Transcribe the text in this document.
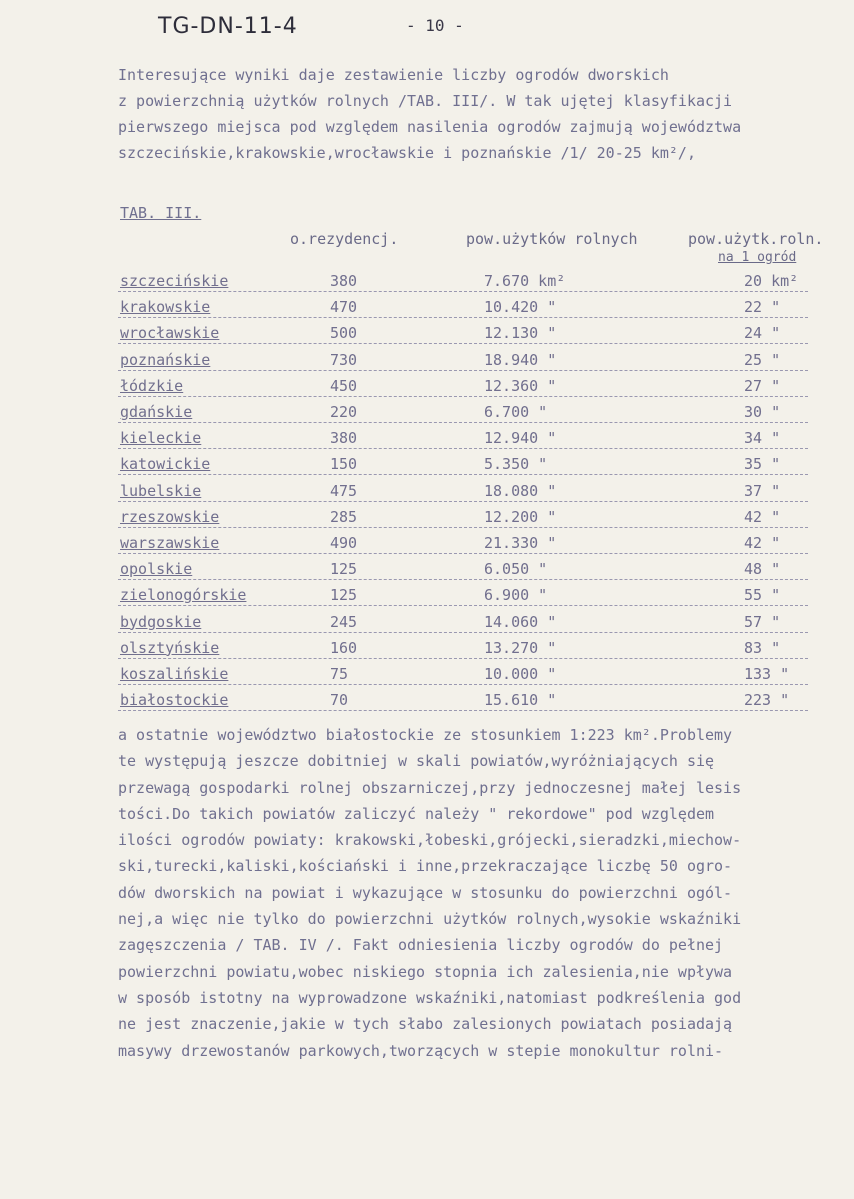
TG-DN-11-4	- 10 -

Interesujące wyniki daje zestawienie liczby ogrodów dworskich

z powierzchnią użytków rolnych /TAB. III/. W tak ujętej klasyfikacji

pierwszego miejsca pod względem nasilenia ogrodów zajmują województwa

szczecińskie,krakowskie,wrocławskie i poznańskie /1/ 20-25 km²/,

TAB. III.
o.rezydencj.	pow.użytków rolnych	pow.użytk.roln.
na 1 ogród
szczecińskie	380	7.670 km²	20 km²
krakowskie	470	10.420 "	22 "
wrocławskie	500	12.130 "	24 "
poznańskie	730	18.940 "	25 "
łódzkie	450	12.360 "	27 "
gdańskie	220	6.700 "	30 "
kieleckie	380	12.940 "	34 "
katowickie	150	5.350 "	35 "
lubelskie	475	18.080 "	37 "
rzeszowskie	285	12.200 "	42 "
warszawskie	490	21.330 "	42 "
opolskie	125	6.050 "	48 "
zielonogórskie	125	6.900 "	55 "
bydgoskie	245	14.060 "	57 "
olsztyńskie	160	13.270 "	83 "
koszalińskie	75	10.000 "	133 "
białostockie	70	15.610 "	223 "

a ostatnie województwo białostockie ze stosunkiem 1:223 km².Problemy

te występują jeszcze dobitniej w skali powiatów,wyróżniających się

przewagą gospodarki rolnej obszarniczej,przy jednoczesnej małej lesis

tości.Do takich powiatów zaliczyć należy " rekordowe" pod względem

ilości ogrodów powiaty: krakowski,łobeski,grójecki,sieradzki,miechow-

ski,turecki,kaliski,kościański i inne,przekraczające liczbę 50 ogro-

dów dworskich na powiat i wykazujące w stosunku do powierzchni ogól-

nej,a więc nie tylko do powierzchni użytków rolnych,wysokie wskaźniki

zagęszczenia / TAB. IV /. Fakt odniesienia liczby ogrodów do pełnej

powierzchni powiatu,wobec niskiego stopnia ich zalesienia,nie wpływa

w sposób istotny na wyprowadzone wskaźniki,natomiast podkreślenia god

ne jest znaczenie,jakie w tych słabo zalesionych powiatach posiadają

masywy drzewostanów parkowych,tworzących w stepie monokultur rolni-
